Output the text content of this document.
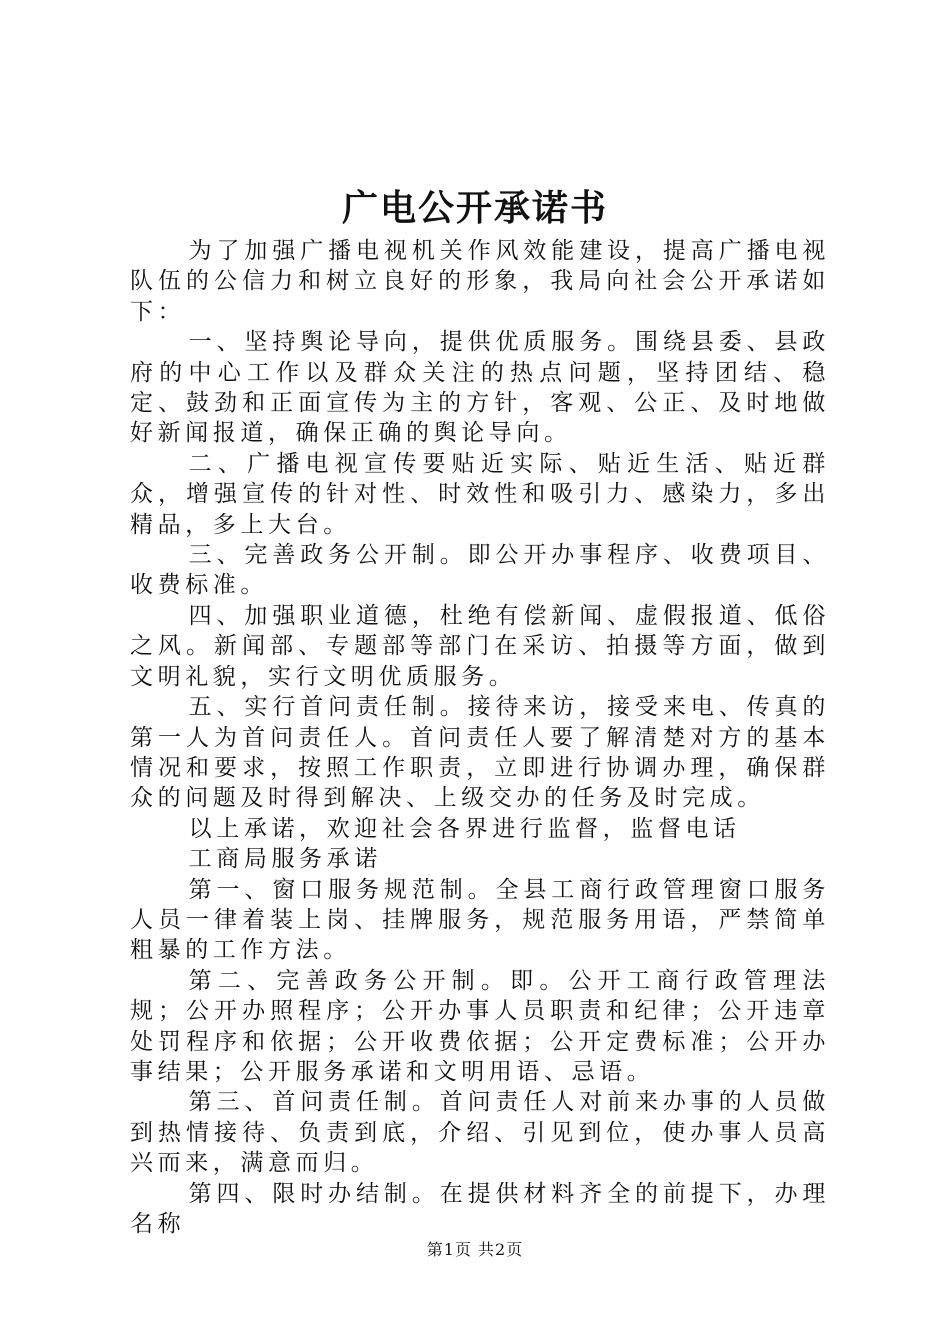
广电公开承诺书

为了加强广播电视机关作风效能建设，提高广播电视队伍的公信力和树立良好的形象，我局向社会公开承诺如下：

一、坚持舆论导向，提供优质服务。围绕县委、县政府的中心工作以及群众关注的热点问题，坚持团结、稳定、鼓劲和正面宣传为主的方针，客观、公正、及时地做好新闻报道，确保正确的舆论导向。

二、广播电视宣传要贴近实际、贴近生活、贴近群众，增强宣传的针对性、时效性和吸引力、感染力，多出精品，多上大台。

三、完善政务公开制。即公开办事程序、收费项目、收费标准。

四、加强职业道德，杜绝有偿新闻、虚假报道、低俗之风。新闻部、专题部等部门在采访、拍摄等方面，做到文明礼貌，实行文明优质服务。

五、实行首问责任制。接待来访，接受来电、传真的第一人为首问责任人。首问责任人要了解清楚对方的基本情况和要求，按照工作职责，立即进行协调办理，确保群众的问题及时得到解决、上级交办的任务及时完成。

以上承诺，欢迎社会各界进行监督，监督电话

工商局服务承诺

第一、窗口服务规范制。全县工商行政管理窗口服务人员一律着装上岗、挂牌服务，规范服务用语，严禁简单粗暴的工作方法。

第二、完善政务公开制。即。公开工商行政管理法规；公开办照程序；公开办事人员职责和纪律；公开违章处罚程序和依据；公开收费依据；公开定费标准；公开办事结果；公开服务承诺和文明用语、忌语。

第三、首问责任制。首问责任人对前来办事的人员做到热情接待、负责到底，介绍、引见到位，使办事人员高兴而来，满意而归。

第四、限时办结制。在提供材料齐全的前提下，办理名称

第1页 共2页
